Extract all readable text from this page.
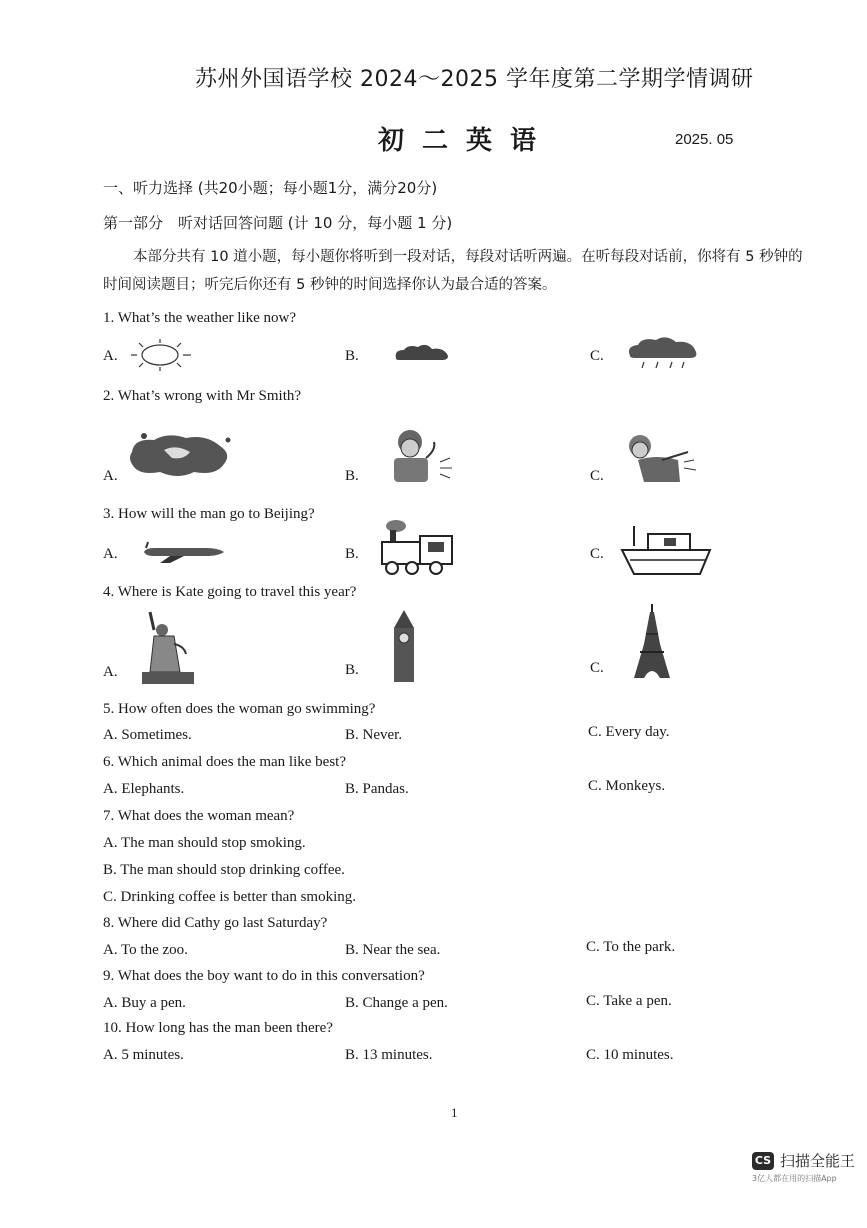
苏州外国语学校 2024～2025 学年度第二学期学情调研
初二英语	2025. 05
一、听力选择 (共20小题；每小题1分，满分20分)
第一部分　听对话回答问题 (计 10 分，每小题 1 分)
本部分共有 10 道小题，每小题你将听到一段对话，每段对话听两遍。在听每段对话前，你将有 5 秒钟的时间阅读题目；听完后你还有 5 秒钟的时间选择你认为最合适的答案。
1. What’s the weather like now?
A.	B.	C.
2. What’s wrong with Mr Smith?
A.	B.	C.
3. How will the man go to Beijing?
A.	B.	C.
4. Where is Kate going to travel this year?
A.	B.	C.
5. How often does the woman go swimming?
A. Sometimes.	B. Never.	C. Every day.
6. Which animal does the man like best?
A. Elephants.	B. Pandas.	C. Monkeys.
7. What does the woman mean?
A. The man should stop smoking.
B. The man should stop drinking coffee.
C. Drinking coffee is better than smoking.
8. Where did Cathy go last Saturday?
A. To the zoo.	B. Near the sea.	C. To the park.
9. What does the boy want to do in this conversation?
A. Buy a pen.	B. Change a pen.	C. Take a pen.
10. How long has the man been there?
A. 5 minutes.	B. 13 minutes.	C. 10 minutes.
1
CS 扫描全能王
3亿人都在用的扫描App
